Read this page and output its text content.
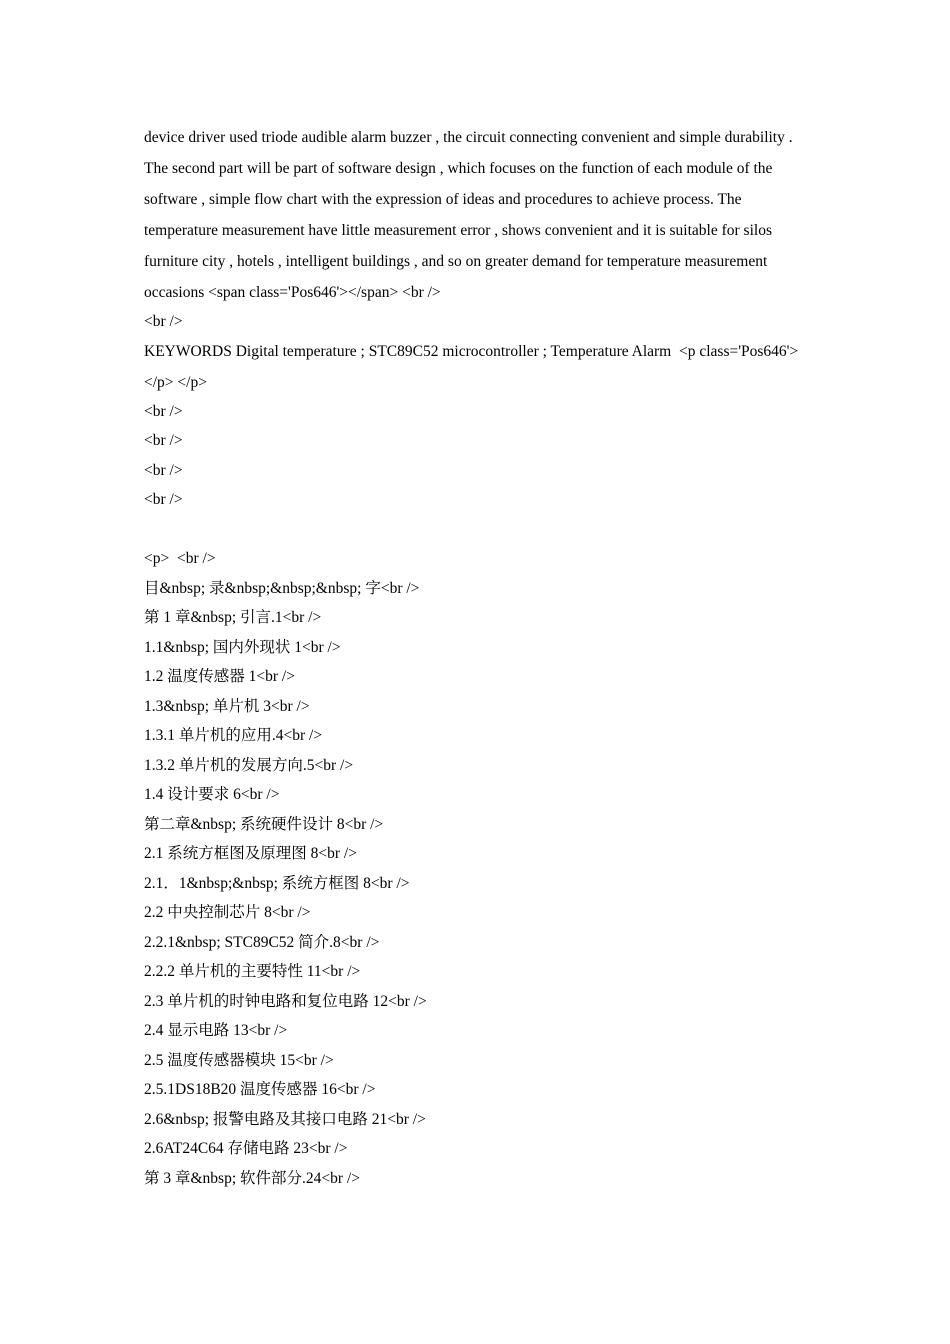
device driver used triode audible alarm buzzer , the circuit connecting convenient and simple durability . The second part will be part of software design , which focuses on the function of each module of the software , simple flow chart with the expression of ideas and procedures to achieve process. The temperature measurement have little measurement error , shows convenient and it is suitable for silos furniture city , hotels , intelligent buildings , and so on greater demand for temperature measurement occasions <span class='Pos646'></span> <br />

<br />

KEYWORDS Digital temperature ; STC89C52 microcontroller ; Temperature Alarm  <p class='Pos646'></p> </p>

<br />

<br />

<br />

<br />

<p>  <br />

目&nbsp; 录&nbsp;&nbsp;&nbsp; 字<br />

第 1 章&nbsp; 引言.1<br />

1.1&nbsp; 国内外现状 1<br />

1.2 温度传感器 1<br />

1.3&nbsp; 单片机 3<br />

1.3.1 单片机的应用.4<br />

1.3.2 单片机的发展方向.5<br />

1.4 设计要求 6<br />

第二章&nbsp; 系统硬件设计 8<br />

2.1 系统方框图及原理图 8<br />

2.1．1&nbsp;&nbsp; 系统方框图 8<br />

2.2 中央控制芯片 8<br />

2.2.1&nbsp; STC89C52 简介.8<br />

2.2.2 单片机的主要特性 11<br />

2.3 单片机的时钟电路和复位电路 12<br />

2.4 显示电路 13<br />

2.5 温度传感器模块 15<br />

2.5.1DS18B20 温度传感器 16<br />

2.6&nbsp; 报警电路及其接口电路 21<br />

2.6AT24C64 存储电路 23<br />

第 3 章&nbsp; 软件部分.24<br />
